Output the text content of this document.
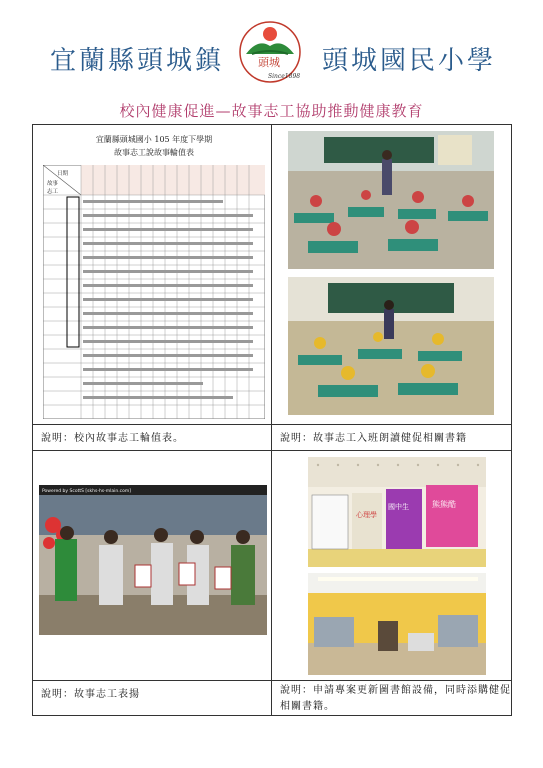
宜蘭縣頭城鎮	頭城
Since1898
頭城國民小學
校內健康促進—故事志工協助推動健康教育
宜蘭縣頭城國小 105 年度下學期
故事志工說故事輪值表
日期
故事
志工
說明：校內故事志工輪值表。	說明：故事志工入班朗讀健促相關書籍
Powered by ScottS [skhs-hs-mlain.com]
心理學
國中生	熊熊酷
說明：故事志工表揚	說明：申請專案更新圖書館設備，同時添購健促相關書籍。
